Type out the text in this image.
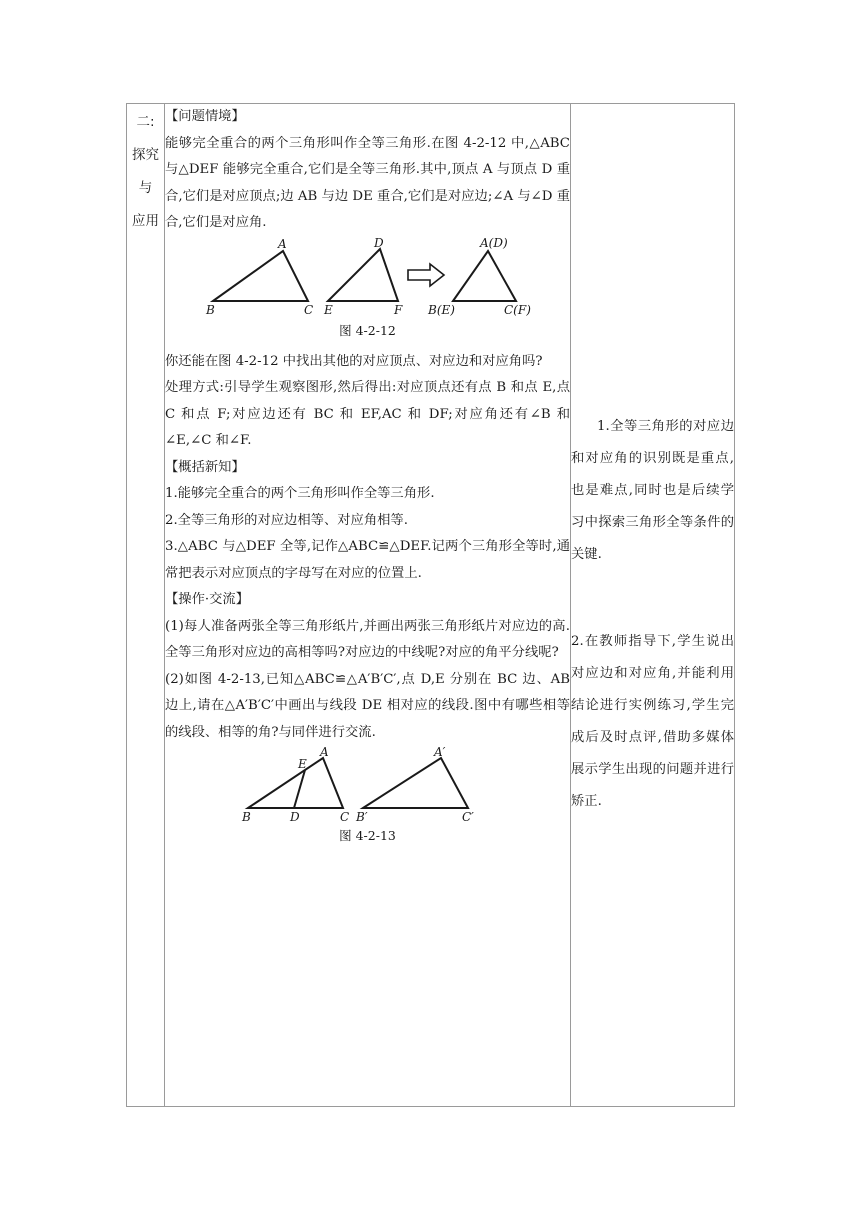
二:
探究
与
应用

【问题情境】

能够完全重合的两个三角形叫作全等三角形.在图 4-2-12 中,△ABC与△DEF 能够完全重合,它们是全等三角形.其中,顶点 A 与顶点 D 重合,它们是对应顶点;边 AB 与边 DE 重合,它们是对应边;∠A 与∠D 重合,它们是对应角.

A
B	C
D
E	F
A(D)
B(E)	C(F)
图 4-2-12

你还能在图 4-2-12 中找出其他的对应顶点、对应边和对应角吗?

处理方式:引导学生观察图形,然后得出:对应顶点还有点 B 和点 E,点 C 和点 F;对应边还有 BC 和 EF,AC 和 DF;对应角还有∠B 和∠E,∠C 和∠F.

【概括新知】

1.能够完全重合的两个三角形叫作全等三角形.

2.全等三角形的对应边相等、对应角相等.

3.△ABC 与△DEF 全等,记作△ABC≌△DEF.记两个三角形全等时,通常把表示对应顶点的字母写在对应的位置上.

【操作·交流】

(1)每人准备两张全等三角形纸片,并画出两张三角形纸片对应边的高.全等三角形对应边的高相等吗?对应边的中线呢?对应的角平分线呢?

(2)如图 4-2-13,已知△ABC≌△A′B′C′,点 D,E 分别在 BC 边、AB 边上,请在△A′B′C′中画出与线段 DE 相对应的线段.图中有哪些相等的线段、相等的角?与同伴进行交流.

A
B	C
D
E
A′
B′	C′
图 4-2-13

1.全等三角形的对应边和对应角的识别既是重点,也是难点,同时也是后续学习中探索三角形全等条件的关键.

2.在教师指导下,学生说出对应边和对应角,并能利用结论进行实例练习,学生完成后及时点评,借助多媒体展示学生出现的问题并进行矫正.
